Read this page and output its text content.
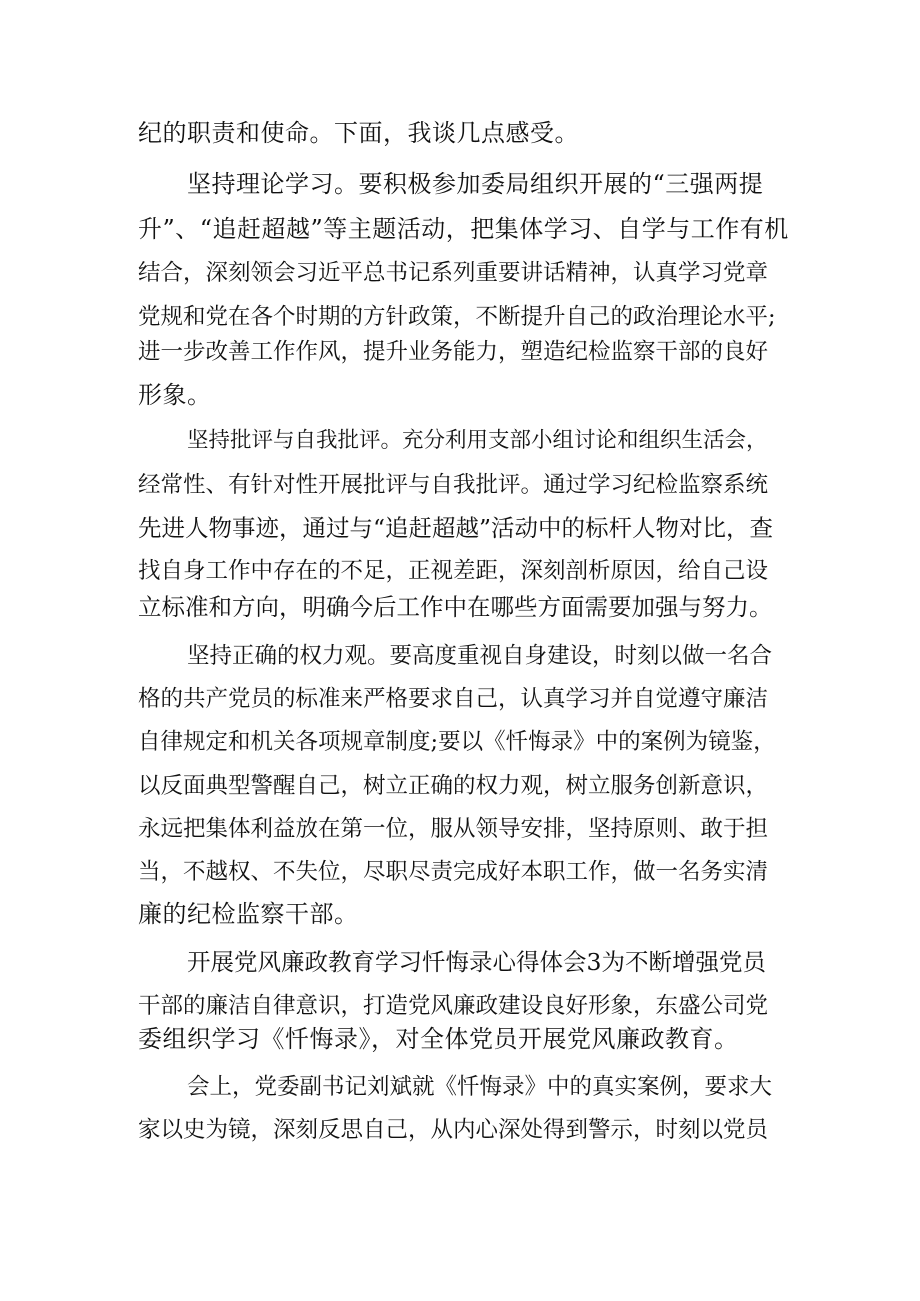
纪的职责和使命。下面，我谈几点感受。
坚持理论学习。要积极参加委局组织开展的“三强两提
升”、“追赶超越”等主题活动，把集体学习、自学与工作有机
结合，深刻领会习近平总书记系列重要讲话精神，认真学习党章
党规和党在各个时期的方针政策，不断提升自己的政治理论水平;
进一步改善工作作风，提升业务能力，塑造纪检监察干部的良好
形象。
坚持批评与自我批评。充分利用支部小组讨论和组织生活会，
经常性、有针对性开展批评与自我批评。通过学习纪检监察系统
先进人物事迹，通过与“追赶超越”活动中的标杆人物对比，查
找自身工作中存在的不足，正视差距，深刻剖析原因，给自己设
立标准和方向，明确今后工作中在哪些方面需要加强与努力。
坚持正确的权力观。要高度重视自身建设，时刻以做一名合
格的共产党员的标准来严格要求自己，认真学习并自觉遵守廉洁
自律规定和机关各项规章制度;要以《忏悔录》中的案例为镜鉴，
以反面典型警醒自己，树立正确的权力观，树立服务创新意识，
永远把集体利益放在第一位，服从领导安排，坚持原则、敢于担
当，不越权、不失位，尽职尽责完成好本职工作，做一名务实清
廉的纪检监察干部。
开展党风廉政教育学习忏悔录心得体会3为不断增强党员
干部的廉洁自律意识，打造党风廉政建设良好形象，东盛公司党
委组织学习《忏悔录》，对全体党员开展党风廉政教育。
会上，党委副书记刘斌就《忏悔录》中的真实案例，要求大
家以史为镜，深刻反思自己，从内心深处得到警示，时刻以党员
